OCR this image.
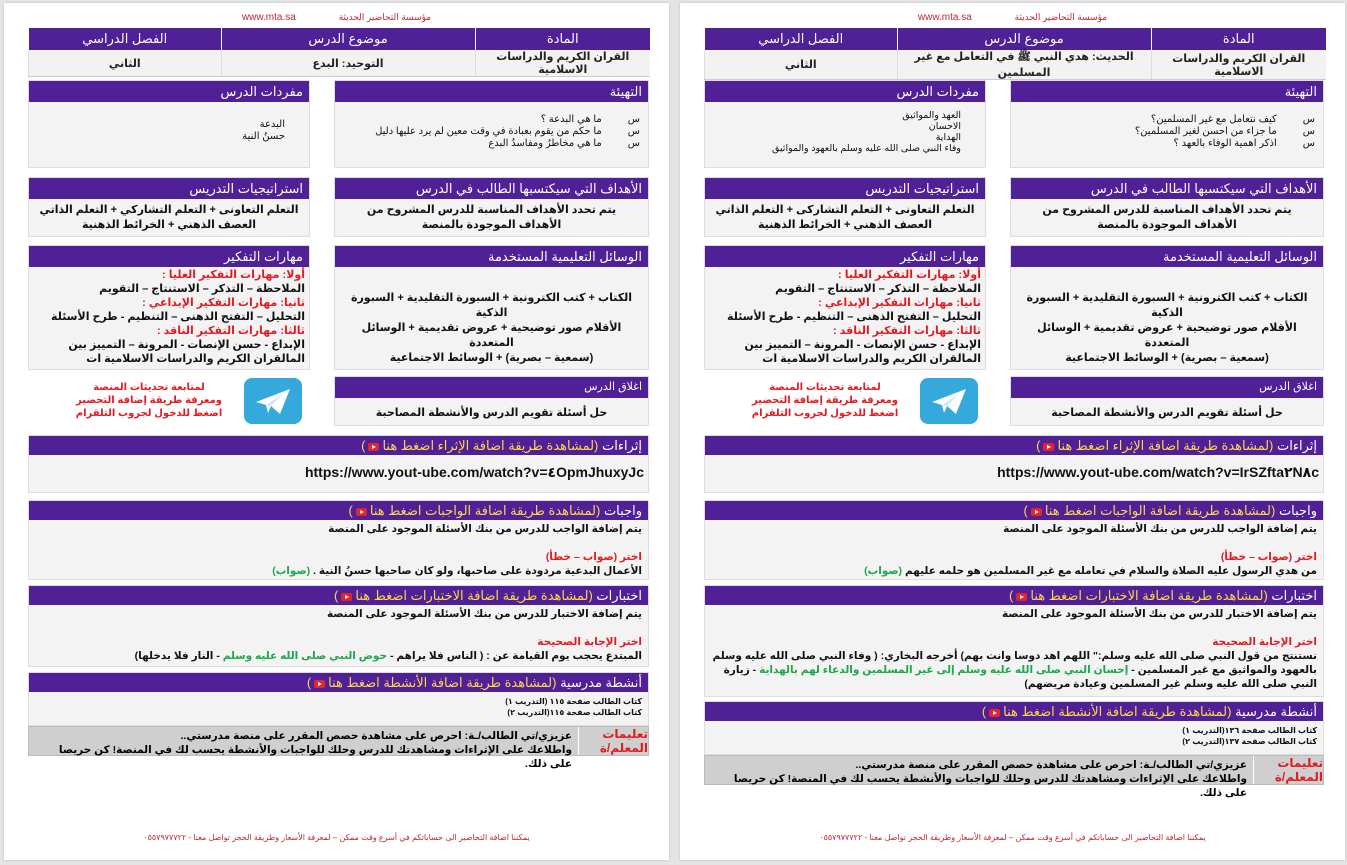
مؤسسة التحاضير الحديثة www.mta.sa
المادة	موضوع الدرس	الفصل الدراسي
القران الكريم والدراسات الاسلامية	التوحيد: البدع	الثاني
التهيئة
س
ما هي البدعة ؟
س
ما حكم من يقوم بعبادة في وقت معين لم يرد عليها دليل
س
ما هي مخاطرُ ومفاسدُ البدع
مفردات الدرس
البدعة
حسنُ النية
الأهداف التي سيكتسبها الطالب في الدرس
يتم تحدد الأهداف المناسبة للدرس المشروح من الأهداف الموجودة بالمنصة
استراتيجيات التدريس
التعلم التعاونى + التعلم التشاركي + التعلم الذاتي
العصف الذهني + الخرائط الذهنية
الوسائل التعليمية المستخدمة
الكتاب + كتب الكترونية + السبورة التقليدية + السبورة الذكية
الأقلام صور توضيحية + عروض تقديمية + الوسائل المتعددة
(سمعية – بصرية) + الوسائط الاجتماعية
مهارات التفكير
أولا: مهارات التفكير العليا :
الملاحظة – التذكر – الاستنتاج – التقويم
ثانيا: مهارات التفكير الإبداعي :
التحليل – التفتح الذهنى – التنظيم - طرح الأسئلة
ثالثا: مهارات التفكير الناقد :
الإبداع - حسن الإنصات - المرونة – التمييز بين المالقران الكريم والدراسات الاسلامية ات
اغلاق الدرس
حل أسئلة تقويم الدرس والأنشطة المصاحبة
لمتابعة تحديثات المنصة
ومعرفة طريقة إضافة التحضير
اضغط للدخول لجروب التلقرام
إثراءات (لمشاهدة طريقة اضافة الإثراء اضغط هنا)
https://www.yout-ube.com/watch?v=٤OpmJhuxyJc
واجبات (لمشاهدة طريقة اضافة الواجبات اضغط هنا)
يتم إضافة الواجب للدرس من بنك الأسئلة الموجود على المنصة
اختر (صواب – خطأ)
الأعمال البدعية مردودة على صاحبها، ولو كان صاحبها حسنُ النية . (صواب)
اختبارات (لمشاهدة طريقة اضافة الاختبارات اضغط هنا)
يتم إضافة الاختبار للدرس من بنك الأسئلة الموجود على المنصة
اختر الإجابة الصحيحة
المبتدع يحجب يوم القيامة عن : ( الناس فلا يراهم - حوض النبي صلى الله عليه وسلم - النار فلا يدخلها)
أنشطة مدرسية (لمشاهدة طريقة اضافة الأنشطة اضغط هنا)
كتاب الطالب صفحة ١١٥ (التدريب ١)
كتاب الطالب صفحة ١١٥(التدريب ٢)
تعليمات المعلم/ة
عزيزي/تي الطالب/ـة: احرص على مشاهدة حصص المقرر على منصة مدرستي..
واطلاعك على الإثراءات ومشاهدتك للدرس وحلك للواجبات والأنشطة يحسب لك في المنصة! كن حريصا على ذلك.
يمكننا اضافة التحاضير الى حساباتكم في أسرع وقت ممكن – لمعرفة الأسعار وطريقة الحجز تواصل معنا - ٠٥٥٧٩٧٧٧٢٢
مؤسسة التحاضير الحديثة www.mta.sa
المادة	موضوع الدرس	الفصل الدراسي
القران الكريم والدراسات الاسلامية	الحديث: هدي النبي ﷺ في التعامل مع غير المسلمين	الثاني
التهيئة
س
كيف نتعامل مع غير المسلمين؟
س
ما جزاء من احسن لغير المسلمين؟
س
اذكر اهمية الوفاء بالعهد ؟
مفردات الدرس
العهد والمواثيق
الاحسان
الهداية
وفاء النبي صلى الله عليه وسلم بالعهود والمواثيق
الأهداف التي سيكتسبها الطالب في الدرس
يتم تحدد الأهداف المناسبة للدرس المشروح من الأهداف الموجودة بالمنصة
استراتيجيات التدريس
التعلم التعاونى + التعلم التشاركى + التعلم الذاتي
العصف الذهني + الخرائط الذهنية
الوسائل التعليمية المستخدمة
الكتاب + كتب الكترونية + السبورة التقليدية + السبورة الذكية
الأقلام صور توضيحية + عروض تقديمية + الوسائل المتعددة
(سمعية – بصرية) + الوسائط الاجتماعية
مهارات التفكير
أولا: مهارات التفكير العليا :
الملاحظة – التذكر – الاستنتاج – التقويم
ثانيا: مهارات التفكير الإبداعي :
التحليل – التفتح الذهنى – التنظيم - طرح الأسئلة
ثالثا: مهارات التفكير الناقد :
الإبداع - حسن الإنصات - المرونة – التمييز بين المالقران الكريم والدراسات الاسلامية ات
اغلاق الدرس
حل أسئلة تقويم الدرس والأنشطة المصاحبة
لمتابعة تحديثات المنصة
ومعرفة طريقة إضافة التحضير
اضغط للدخول لجروب التلقرام
إثراءات (لمشاهدة طريقة اضافة الإثراء اضغط هنا)
https://www.yout-ube.com/watch?v=IrSZfta٢N٨c
واجبات (لمشاهدة طريقة اضافة الواجبات اضغط هنا)
يتم إضافة الواجب للدرس من بنك الأسئلة الموجود على المنصة
اختر (صواب – خطأ)
من هدي الرسول عليه الصلاة والسلام في تعامله مع غير المسلمين هو حلمه عليهم (صواب)
اختبارات (لمشاهدة طريقة اضافة الاختبارات اضغط هنا)
يتم إضافة الاختبار للدرس من بنك الأسئلة الموجود على المنصة
اختر الإجابة الصحيحة
نستنتج من قول النبي صلى الله عليه وسلم:" اللهم اهد دوسا وانت بهم) أخرجه البخاري: ( وفاء النبي صلى الله عليه وسلم بالعهود والمواثيق مع غير المسلمين - إحسان النبي صلى الله عليه وسلم إلى غير المسلمين والدعاء لهم بالهداية - زيارة النبي صلى الله عليه وسلم غير المسلمين وعيادة مريضهم)
أنشطة مدرسية (لمشاهدة طريقة اضافة الأنشطة اضغط هنا)
كتاب الطالب صفحة ١٣٦(التدريب ١)
كتاب الطالب صفحة ١٣٧(التدريب ٢)
تعليمات المعلم/ة
عزيزي/تي الطالب/ـة: احرص على مشاهدة حصص المقرر على منصة مدرستي..
واطلاعك على الإثراءات ومشاهدتك للدرس وحلك للواجبات والأنشطة يحسب لك في المنصة! كن حريصا على ذلك.
يمكننا اضافة التحاضير الى حساباتكم في أسرع وقت ممكن – لمعرفة الأسعار وطريقة الحجز تواصل معنا - ٠٥٥٧٩٧٧٧٢٢
